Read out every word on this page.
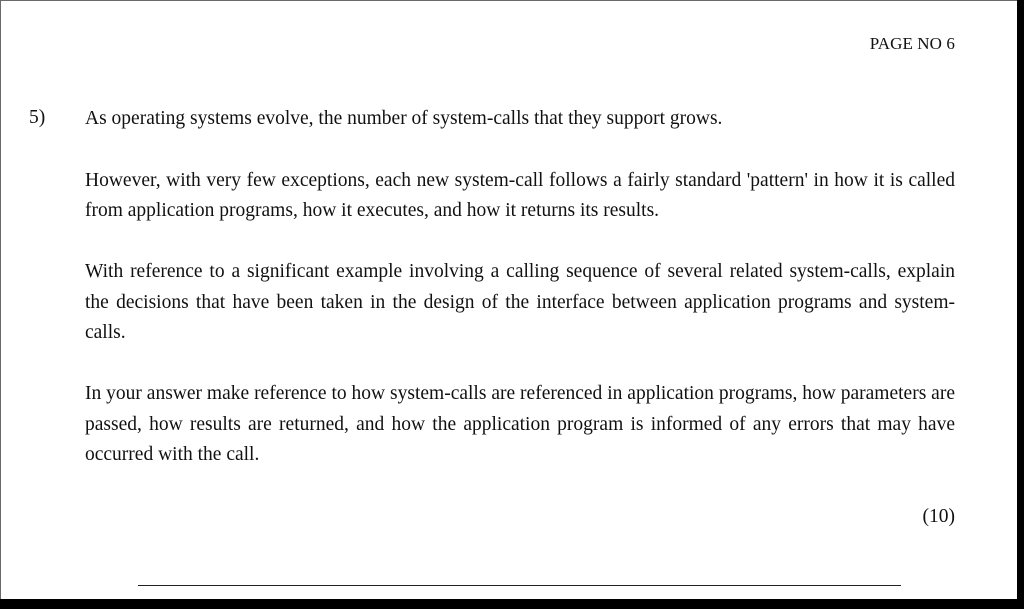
PAGE NO 6
5) As operating systems evolve, the number of system-calls that they support grows.

However, with very few exceptions, each new system-call follows a fairly standard 'pattern' in how it is called from application programs, how it executes, and how it returns its results.

With reference to a significant example involving a calling sequence of several related system-calls, explain the decisions that have been taken in the design of the interface between application programs and system-calls.

In your answer make reference to how system-calls are referenced in application programs, how parameters are passed, how results are returned, and how the application program is informed of any errors that may have occurred with the call.

(10)
